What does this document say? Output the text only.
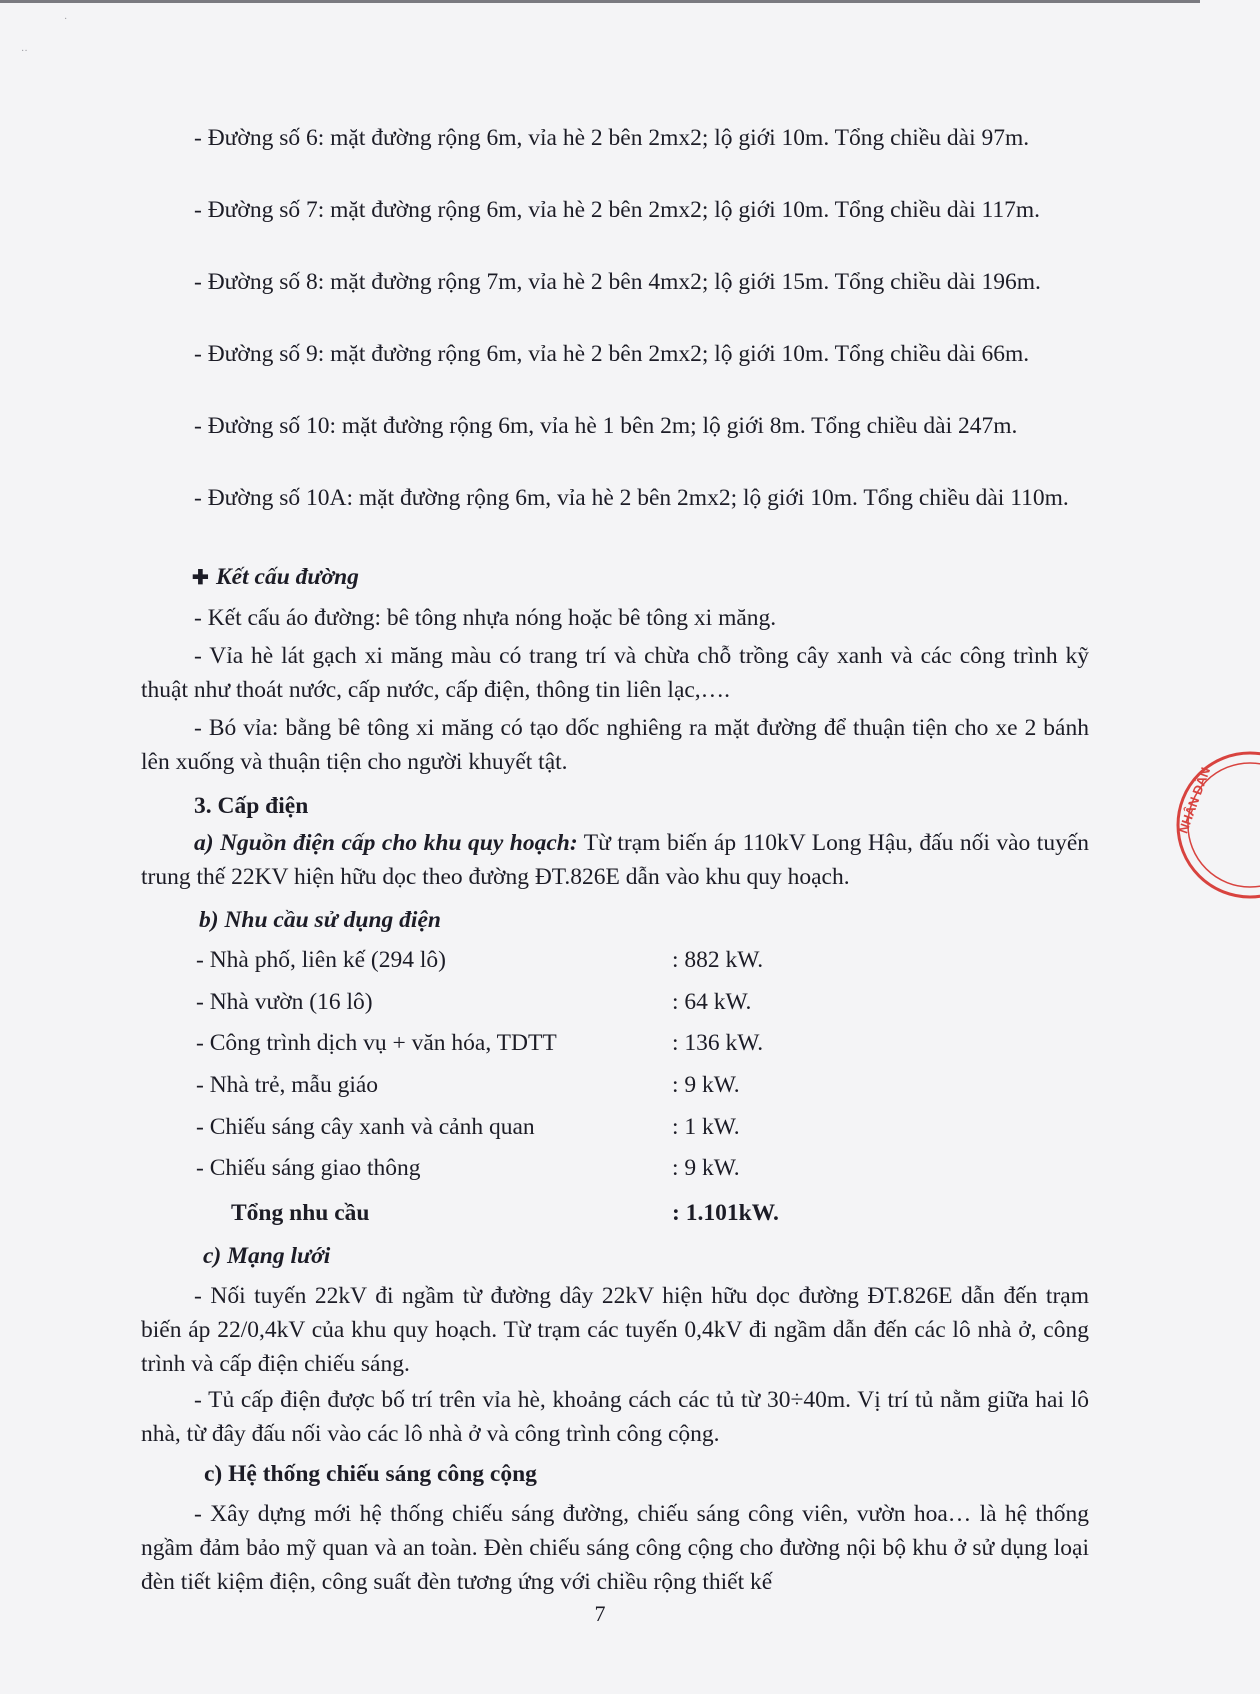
·
··

- Đường số 6: mặt đường rộng 6m, vỉa hè 2 bên 2mx2; lộ giới 10m. Tổng chiều dài 97m.

- Đường số 7: mặt đường rộng 6m, vỉa hè 2 bên 2mx2; lộ giới 10m. Tổng chiều dài 117m.

- Đường số 8: mặt đường rộng 7m, vỉa hè 2 bên 4mx2; lộ giới 15m. Tổng chiều dài 196m.

- Đường số 9: mặt đường rộng 6m, vỉa hè 2 bên 2mx2; lộ giới 10m. Tổng chiều dài 66m.

- Đường số 10: mặt đường rộng 6m, vỉa hè 1 bên 2m; lộ giới 8m. Tổng chiều dài 247m.

- Đường số 10A: mặt đường rộng 6m, vỉa hè 2 bên 2mx2; lộ giới 10m. Tổng chiều dài 110m.

✚ Kết cấu đường

- Kết cấu áo đường: bê tông nhựa nóng hoặc bê tông xi măng.

- Vỉa hè lát gạch xi măng màu có trang trí và chừa chỗ trồng cây xanh và các công trình kỹ thuật như thoát nước, cấp nước, cấp điện, thông tin liên lạc,….

- Bó vỉa: bằng bê tông xi măng có tạo dốc nghiêng ra mặt đường để thuận tiện cho xe 2 bánh lên xuống và thuận tiện cho người khuyết tật.

3. Cấp điện

a) Nguồn điện cấp cho khu quy hoạch: Từ trạm biến áp 110kV Long Hậu, đấu nối vào tuyến trung thế 22KV hiện hữu dọc theo đường ĐT.826E dẫn vào khu quy hoạch.

b) Nhu cầu sử dụng điện

- Nhà phố, liên kế (294 lô)	: 882 kW.
- Nhà vườn (16 lô)	: 64 kW.
- Công trình dịch vụ + văn hóa, TDTT	: 136 kW.
- Nhà trẻ, mẫu giáo	: 9 kW.
- Chiếu sáng cây xanh và cảnh quan	: 1 kW.
- Chiếu sáng giao thông	: 9 kW.
Tổng nhu cầu	: 1.101kW.

c) Mạng lưới

- Nối tuyến 22kV đi ngầm từ đường dây 22kV hiện hữu dọc đường ĐT.826E dẫn đến trạm biến áp 22/0,4kV của khu quy hoạch. Từ trạm các tuyến 0,4kV đi ngầm dẫn đến các lô nhà ở, công trình và cấp điện chiếu sáng.

- Tủ cấp điện được bố trí trên vỉa hè, khoảng cách các tủ từ 30÷40m. Vị trí tủ nằm giữa hai lô nhà, từ đây đấu nối vào các lô nhà ở và công trình công cộng.

c) Hệ thống chiếu sáng công cộng

- Xây dựng mới hệ thống chiếu sáng đường, chiếu sáng công viên, vườn hoa… là hệ thống ngầm đảm bảo mỹ quan và an toàn. Đèn chiếu sáng công cộng cho đường nội bộ khu ở sử dụng loại đèn tiết kiệm điện, công suất đèn tương ứng với chiều rộng thiết kế

7
NHÂN DÂN
